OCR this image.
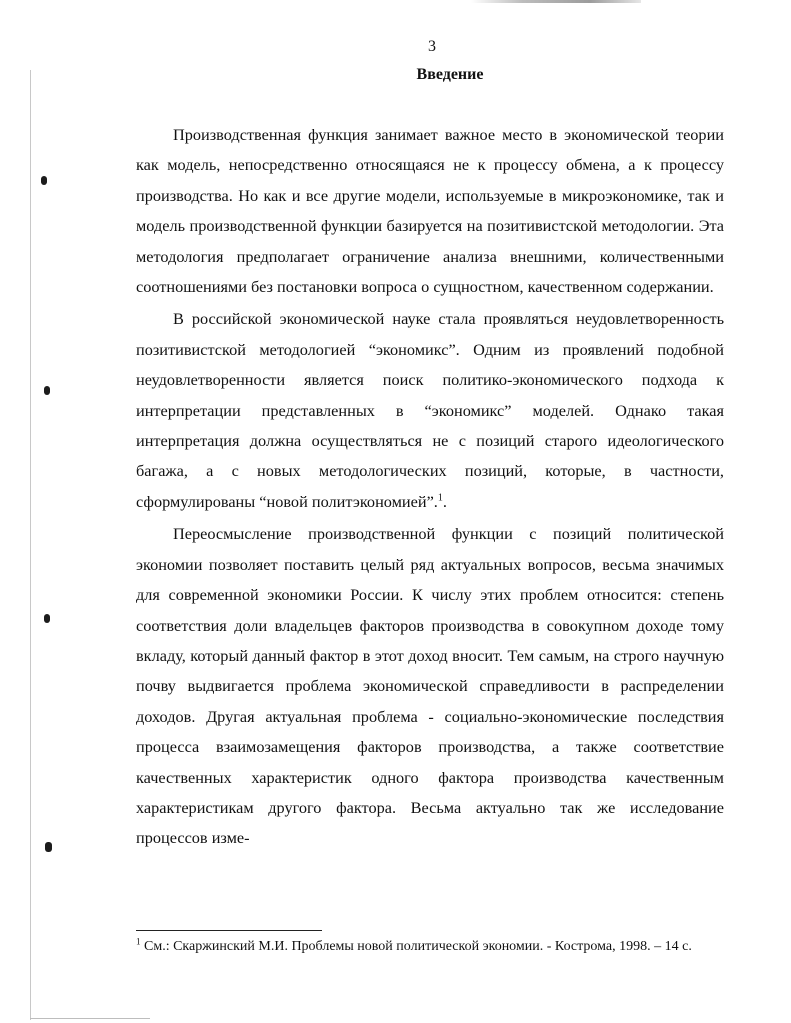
3
Введение

Производственная функция занимает важное место в экономической теории как модель, непосредственно относящаяся не к процессу обмена, а к процессу производства. Но как и все другие модели, используемые в микроэкономике, так и модель производственной функции базируется на позитивистской методологии. Эта методология предполагает ограничение анализа внешними, количественными соотношениями без постановки вопроса о сущностном, качественном содержании.

В российской экономической науке стала проявляться неудовлетворенность позитивистской методологией “экономикс”. Одним из проявлений подобной неудовлетворенности является поиск политико-экономического подхода к интерпретации представленных в “экономикс” моделей. Однако такая интерпретация должна осуществляться не с позиций старого идеологического багажа, а с новых методологических позиций, которые, в частности, сформулированы “новой политэкономией”.$^1$.

Переосмысление производственной функции с позиций политической экономии позволяет поставить целый ряд актуальных вопросов, весьма значимых для современной экономики России. К числу этих проблем относится: степень соответствия доли владельцев факторов производства в совокупном доходе тому вкладу, который данный фактор в этот доход вносит. Тем самым, на строго научную почву выдвигается проблема экономической справедливости в распределении доходов. Другая актуальная проблема - социально-экономические последствия процесса взаимозамещения факторов производства, а также соответствие качественных характеристик одного фактора производства качественным характеристикам другого фактора. Весьма актуально так же исследование процессов изме-

$^1$ См.: Скаржинский М.И. Проблемы новой политической экономии. - Кострома, 1998. – 14 с.
